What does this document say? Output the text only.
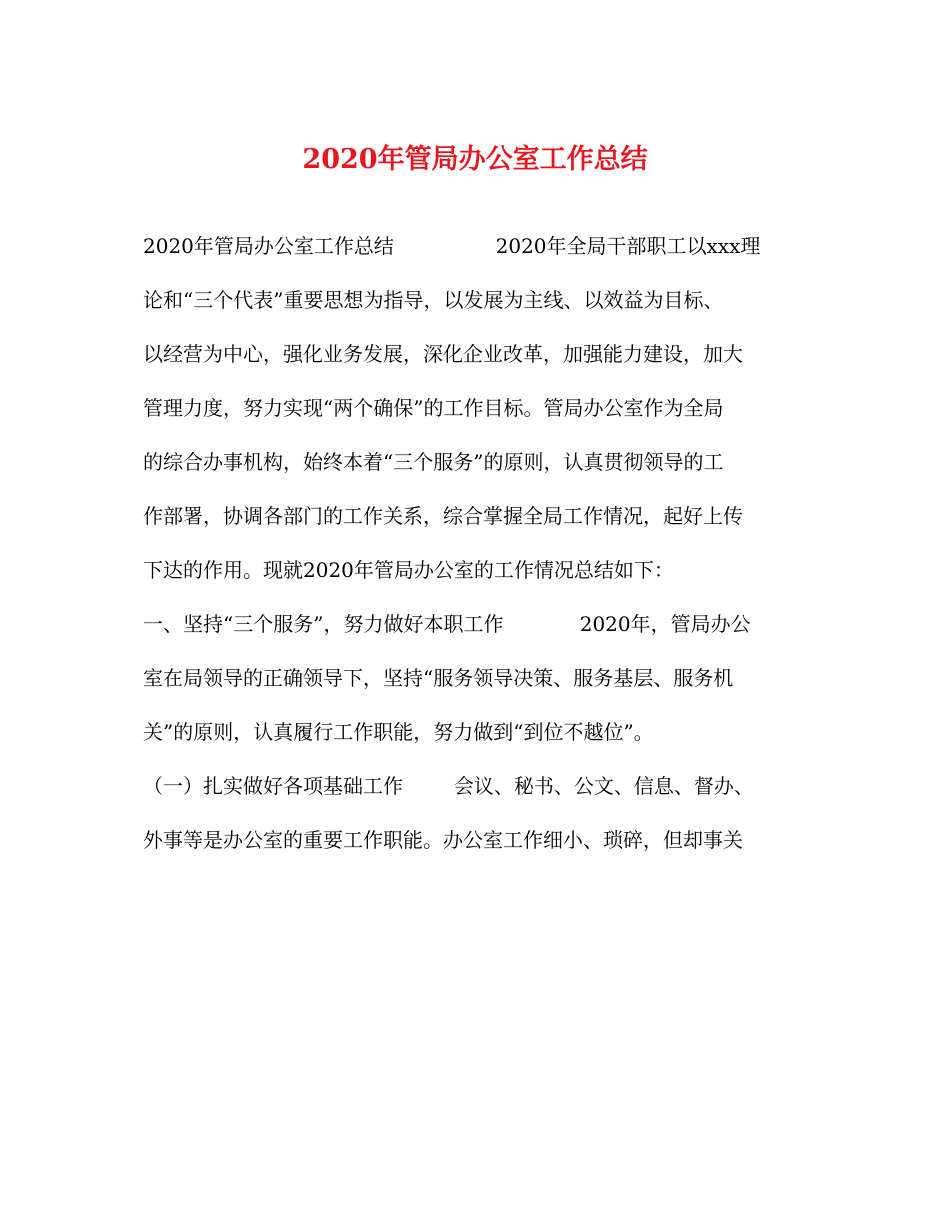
2020年管局办公室工作总结
2020年管局办公室工作总结                2020年全局干部职工以xxx理
论和“三个代表”重要思想为指导，以发展为主线、以效益为目标、
以经营为中心，强化业务发展，深化企业改革，加强能力建设，加大
管理力度，努力实现“两个确保”的工作目标。管局办公室作为全局
的综合办事机构，始终本着“三个服务”的原则，认真贯彻领导的工
作部署，协调各部门的工作关系，综合掌握全局工作情况，起好上传
下达的作用。现就2020年管局办公室的工作情况总结如下：
一、坚持“三个服务”，努力做好本职工作            2020年，管局办公
室在局领导的正确领导下，坚持“服务领导决策、服务基层、服务机
关”的原则，认真履行工作职能，努力做到“到位不越位”。
（一）扎实做好各项基础工作        会议、秘书、公文、信息、督办、
外事等是办公室的重要工作职能。办公室工作细小、琐碎，但却事关
